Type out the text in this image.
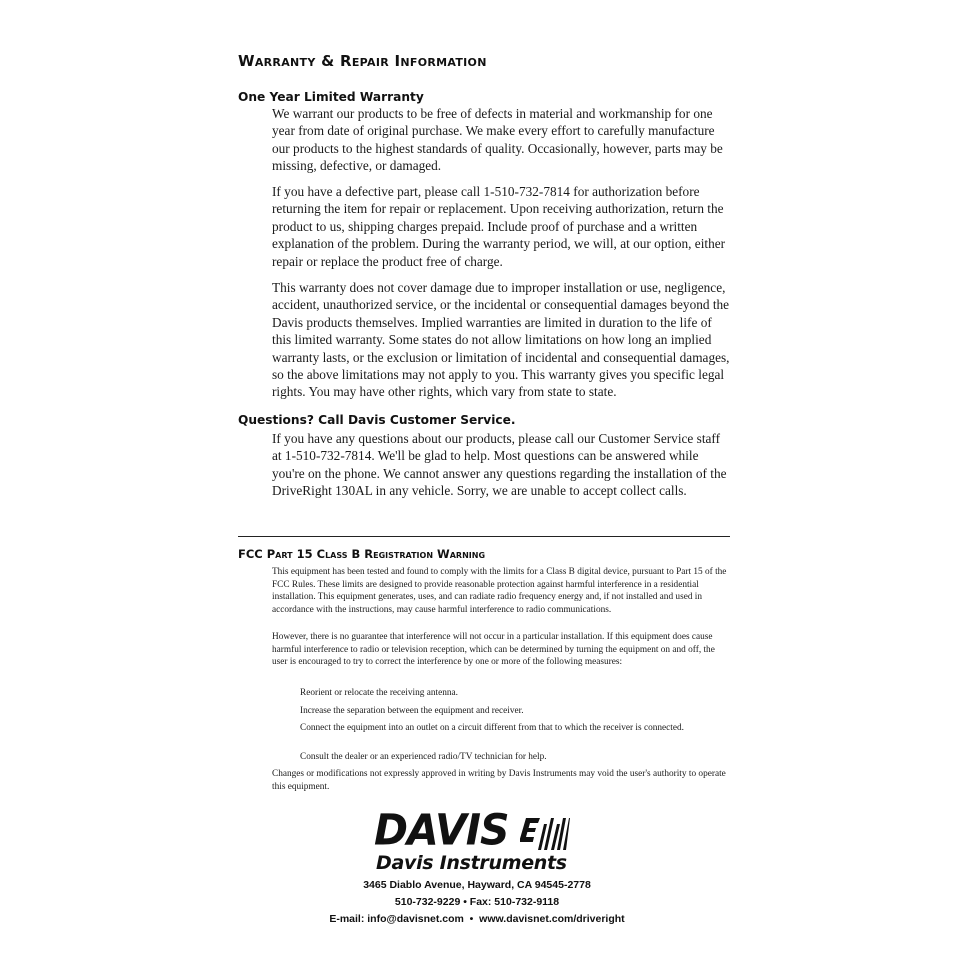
Warranty & Repair Information
One Year Limited Warranty

We warrant our products to be free of defects in material and workmanship for one year from date of original purchase. We make every effort to carefully manufacture our products to the highest standards of quality. Occasionally, however, parts may be missing, defective, or damaged.

If you have a defective part, please call 1-510-732-7814 for authorization before returning the item for repair or replacement. Upon receiving authorization, return the product to us, shipping charges prepaid. Include proof of purchase and a written explanation of the problem. During the warranty period, we will, at our option, either repair or replace the product free of charge.

This warranty does not cover damage due to improper installation or use, negligence, accident, unauthorized service, or the incidental or consequential damages beyond the Davis products themselves. Implied warranties are limited in duration to the life of this limited warranty. Some states do not allow limitations on how long an implied warranty lasts, or the exclusion or limitation of incidental and consequential damages, so the above limitations may not apply to you. This warranty gives you specific legal rights. You may have other rights, which vary from state to state.

Questions? Call Davis Customer Service.

If you have any questions about our products, please call our Customer Service staff at 1-510-732-7814. We'll be glad to help. Most questions can be answered while you're on the phone. We cannot answer any questions regarding the installation of the DriveRight 130AL in any vehicle. Sorry, we are unable to accept collect calls.

FCC Part 15 Class B Registration Warning

This equipment has been tested and found to comply with the limits for a Class B digital device, pursuant to Part 15 of the FCC Rules. These limits are designed to provide reasonable protection against harmful interference in a residential installation. This equipment generates, uses, and can radiate radio frequency energy and, if not installed and used in accordance with the instructions, may cause harmful interference to radio communications.

However, there is no guarantee that interference will not occur in a particular installation. If this equipment does cause harmful interference to radio or television reception, which can be determined by turning the equipment on and off, the user is encouraged to try to correct the interference by one or more of the following measures:

Reorient or relocate the receiving antenna.

Increase the separation between the equipment and receiver.

Connect the equipment into an outlet on a circuit different from that to which the receiver is connected.

Consult the dealer or an experienced radio/TV technician for help.

Changes or modifications not expressly approved in writing by Davis Instruments may void the user's authority to operate this equipment.

DAVIS
Davis Instruments
3465 Diablo Avenue, Hayward, CA 94545-2778
510-732-9229 • Fax: 510-732-9118
E-mail: info@davisnet.com  •  www.davisnet.com/driveright
